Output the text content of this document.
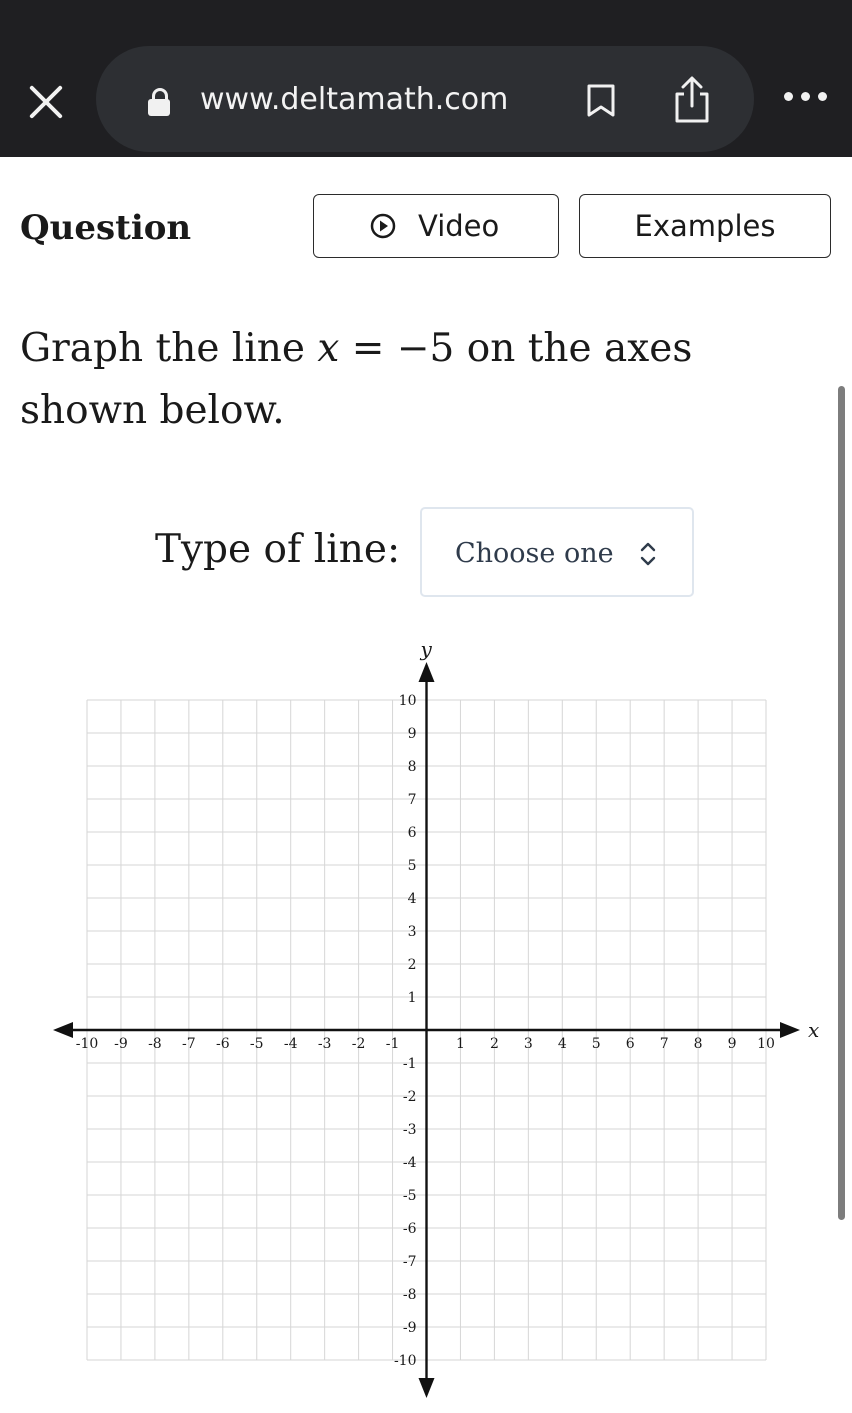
www.deltamath.com
Question	Video	Examples
Graph the line x = −5 on the axes shown below.
Type of line: Choose one
-10 -9 -8 -7 -6 -5 -4 -3 -2 -1	1 2 3 4 5 6 7 8 9 10
10
9
8
7
6
5
4
3
2
1
-1
-2
-3
-4
-5
-6
-7
-8
-9
-10
x
y
